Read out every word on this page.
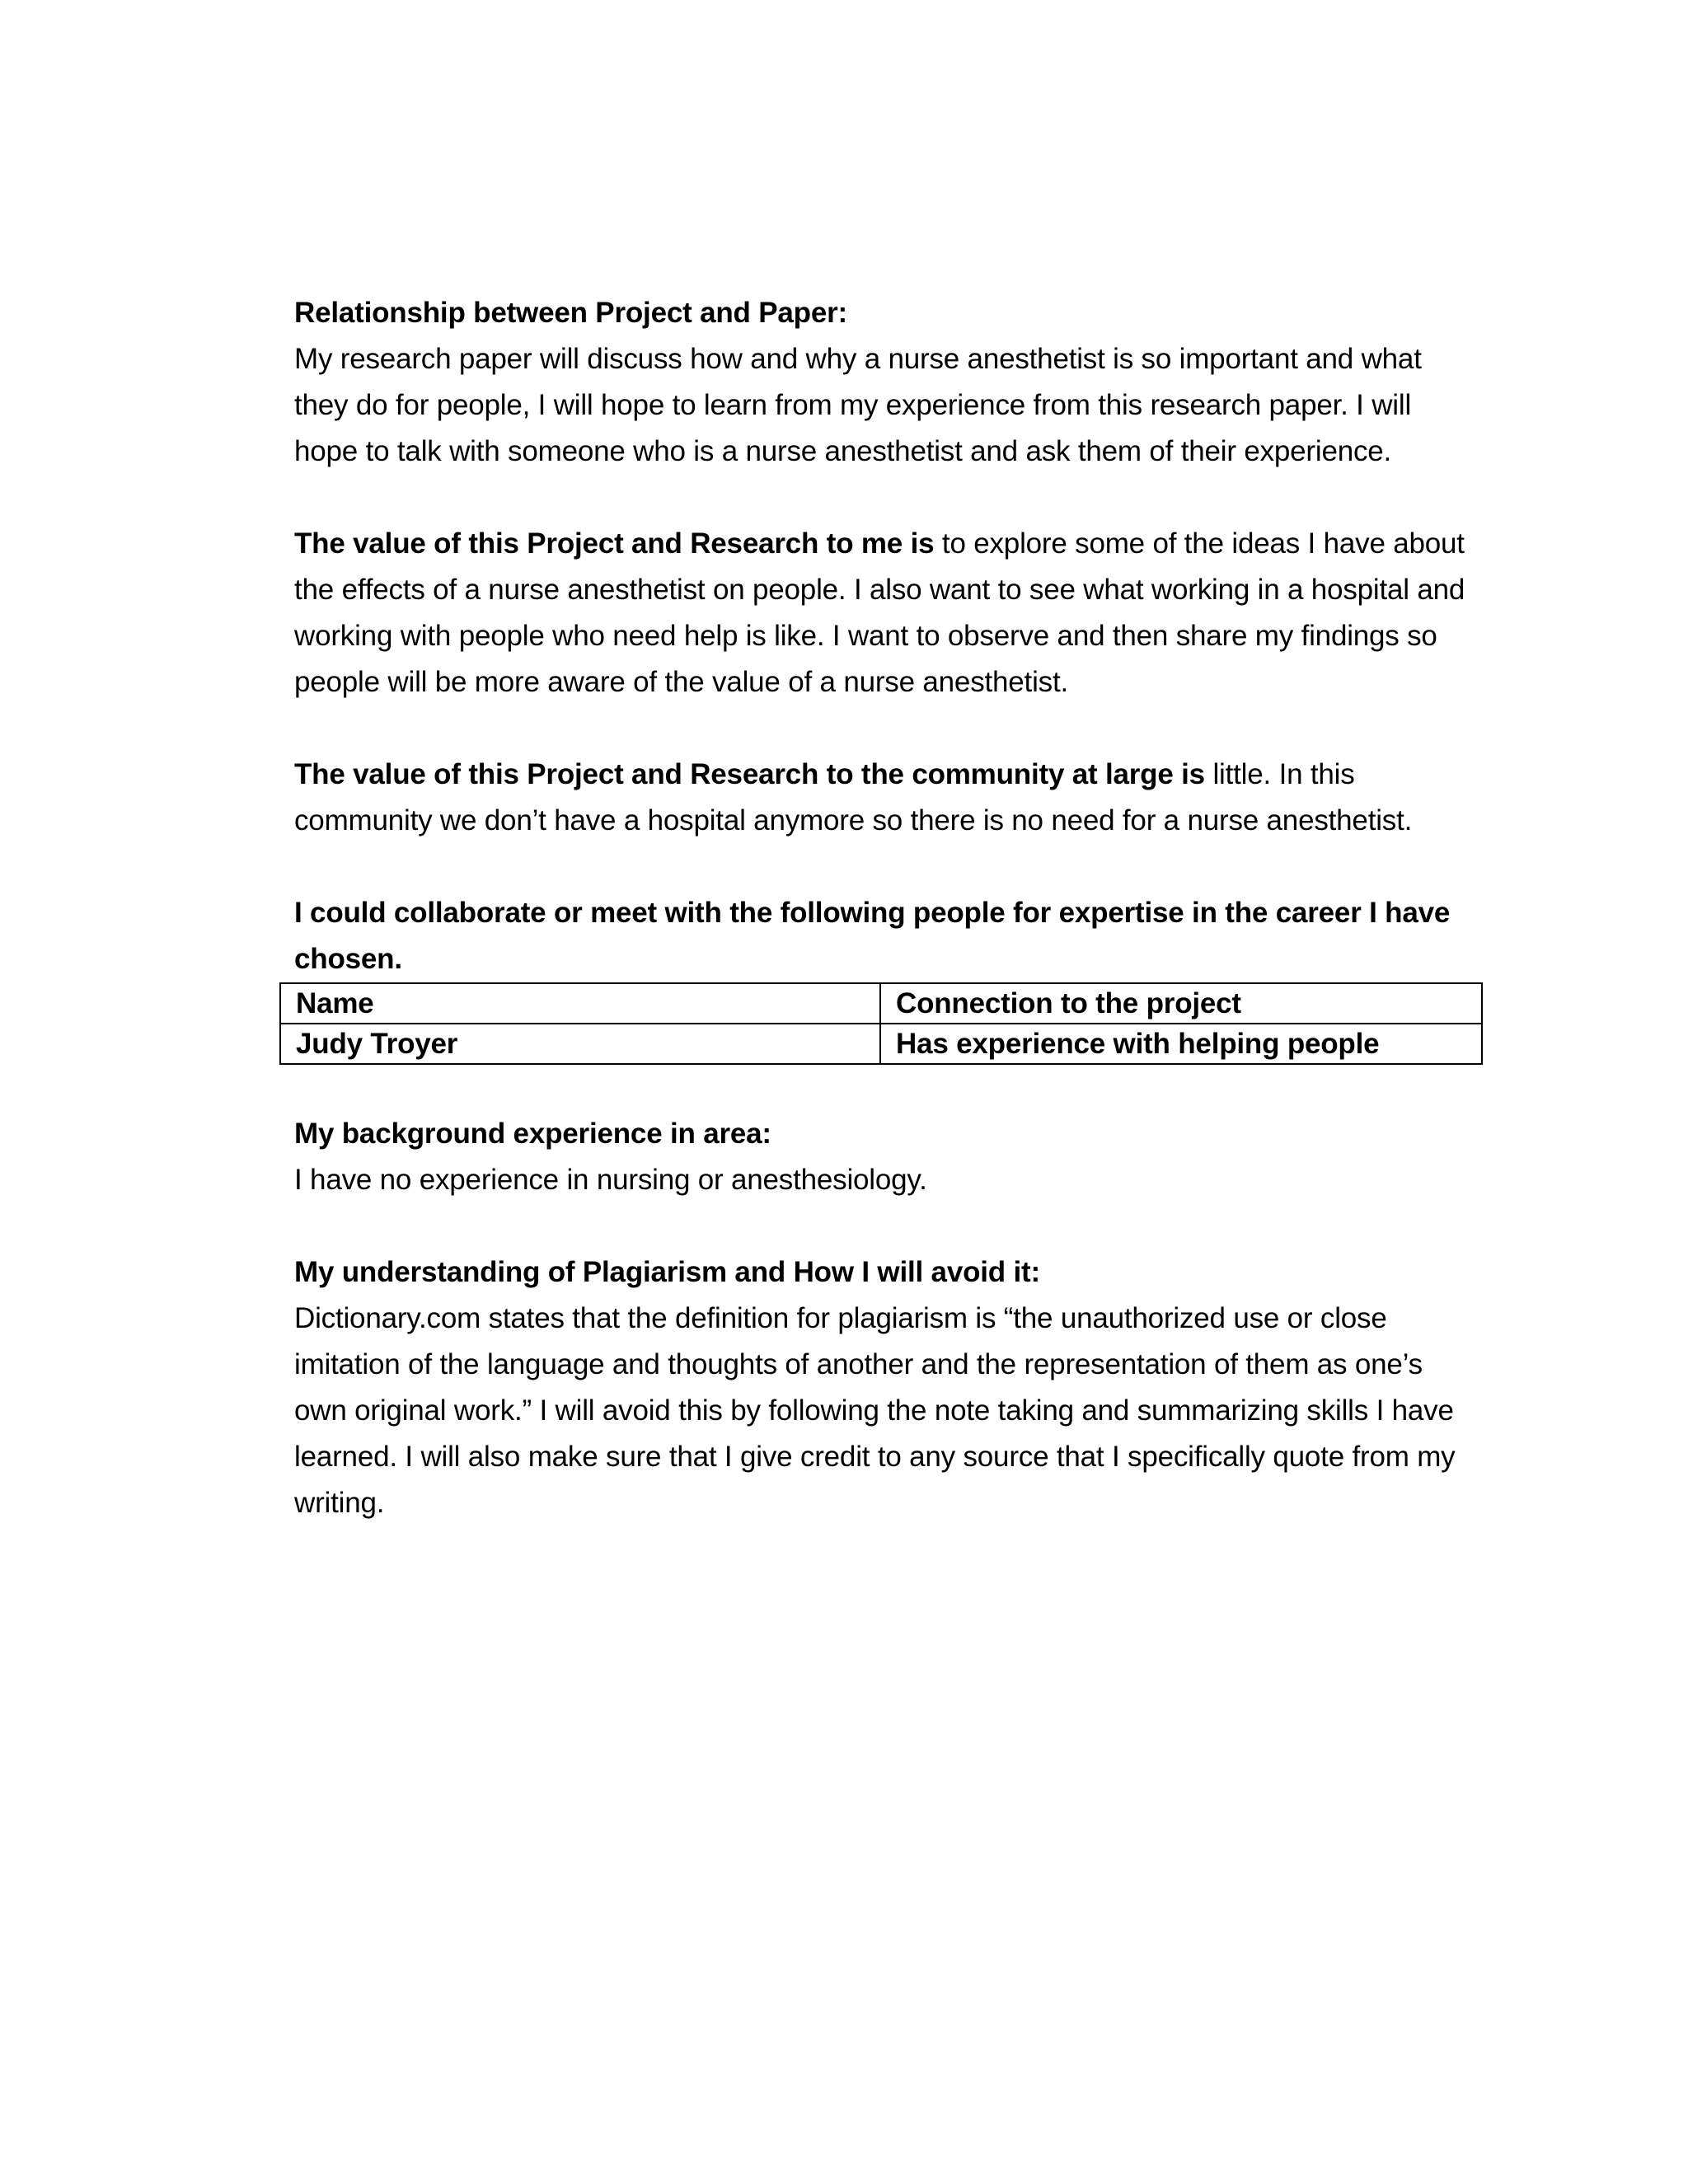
Relationship between Project and Paper:

My research paper will discuss how and why a nurse anesthetist is so important and what they do for people, I will hope to learn from my experience from this research paper. I will hope to talk with someone who is a nurse anesthetist and ask them of their experience.

The value of this Project and Research to me is to explore some of the ideas I have about the effects of a nurse anesthetist on people. I also want to see what working in a hospital and working with people who need help is like. I want to observe and then share my findings so people will be more aware of the value of a nurse anesthetist.

The value of this Project and Research to the community at large is little. In this community we don’t have a hospital anymore so there is no need for a nurse anesthetist.

I could collaborate or meet with the following people for expertise in the career I have chosen.

Name	Connection to the project
Judy Troyer	Has experience with helping people

My background experience in area:

I have no experience in nursing or anesthesiology.

My understanding of Plagiarism and How I will avoid it:

Dictionary.com states that the definition for plagiarism is “the unauthorized use or close imitation of the language and thoughts of another and the representation of them as one’s own original work.” I will avoid this by following the note taking and summarizing skills I have learned. I will also make sure that I give credit to any source that I specifically quote from my writing.
